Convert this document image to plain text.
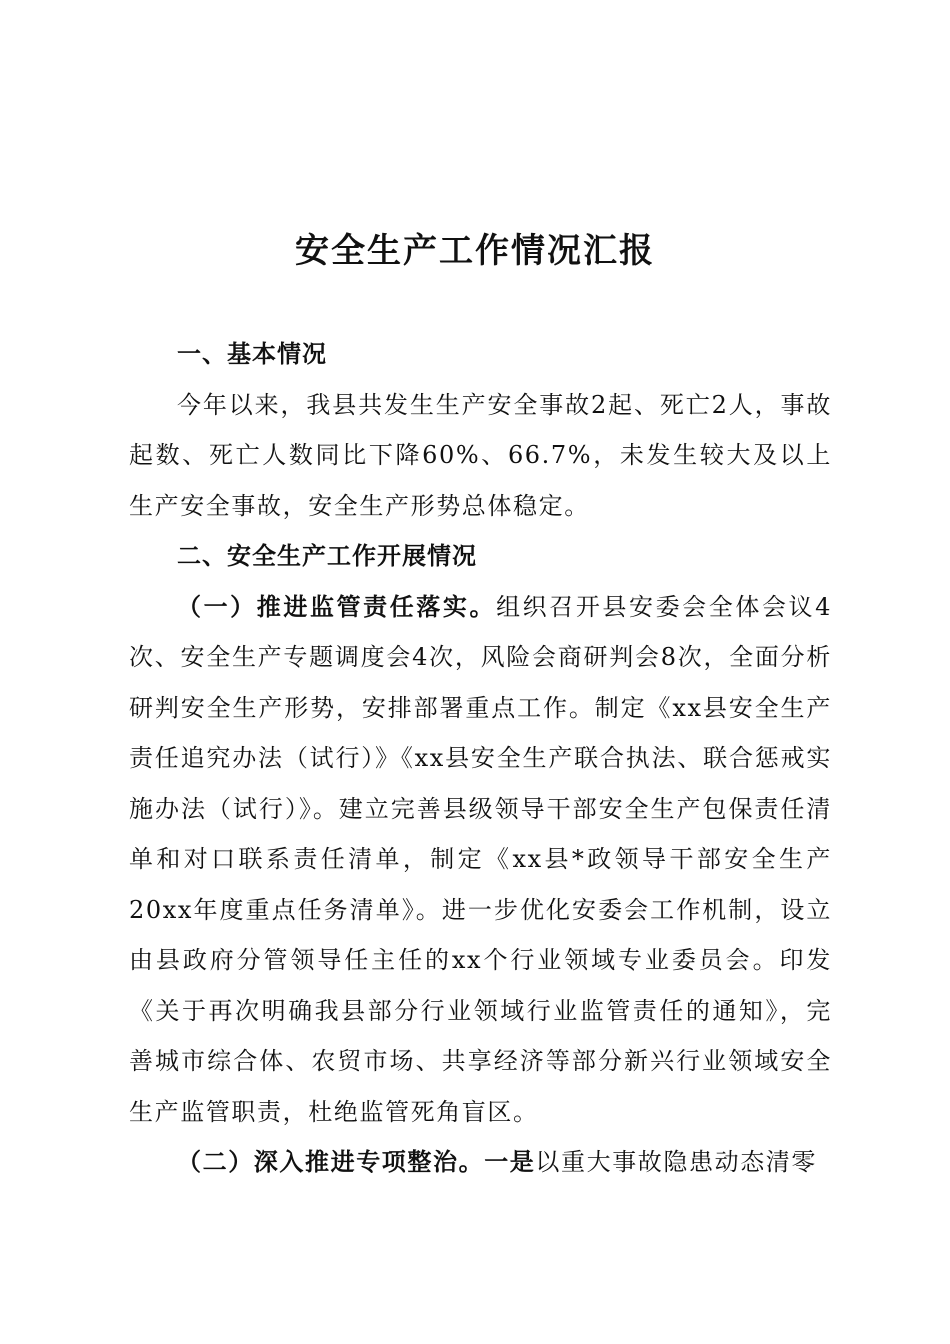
安全生产工作情况汇报

一、基本情况

今年以来，我县共发生生产安全事故2起、死亡2人，事故起数、死亡人数同比下降60%、66.7%，未发生较大及以上生产安全事故，安全生产形势总体稳定。

二、安全生产工作开展情况

（一）推进监管责任落实。组织召开县安委会全体会议4次、安全生产专题调度会4次，风险会商研判会8次，全面分析研判安全生产形势，安排部署重点工作。制定《xx县安全生产责任追究办法（试行）》《xx县安全生产联合执法、联合惩戒实施办法（试行）》。建立完善县级领导干部安全生产包保责任清单和对口联系责任清单，制定《xx县*政领导干部安全生产20xx年度重点任务清单》。进一步优化安委会工作机制，设立由县政府分管领导任主任的xx个行业领域专业委员会。印发《关于再次明确我县部分行业领域行业监管责任的通知》，完善城市综合体、农贸市场、共享经济等部分新兴行业领域安全生产监管职责，杜绝监管死角盲区。

（二）深入推进专项整治。一是以重大事故隐患动态清零
